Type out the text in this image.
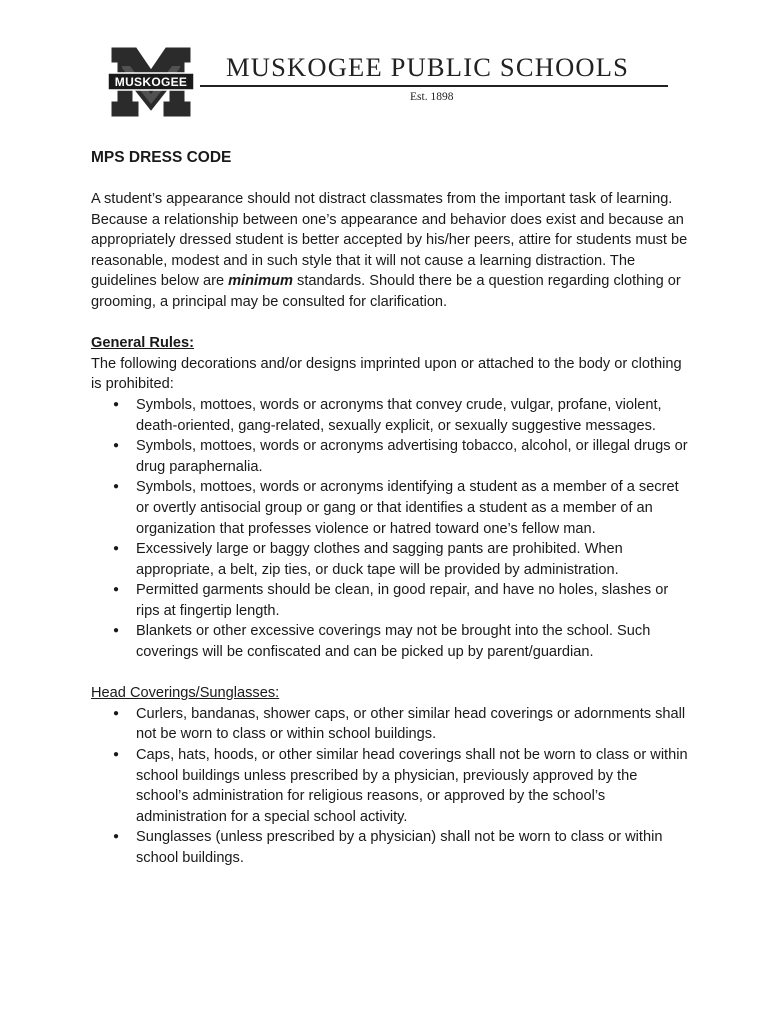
MUSKOGEE MUSKOGEE PUBLIC SCHOOLS
Est. 1898
MPS DRESS CODE

A student’s appearance should not distract classmates from the important task of learning. Because a relationship between one’s appearance and behavior does exist and because an appropriately dressed student is better accepted by his/her peers, attire for students must be reasonable, modest and in such style that it will not cause a learning distraction. The guidelines below are minimum standards. Should there be a question regarding clothing or grooming, a principal may be consulted for clarification.

General Rules:

The following decorations and/or designs imprinted upon or attached to the body or clothing is prohibited:

● Symbols, mottoes, words or acronyms that convey crude, vulgar, profane, violent, death-oriented, gang-related, sexually explicit, or sexually suggestive messages.
● Symbols, mottoes, words or acronyms advertising tobacco, alcohol, or illegal drugs or drug paraphernalia.
● Symbols, mottoes, words or acronyms identifying a student as a member of a secret or overtly antisocial group or gang or that identifies a student as a member of an organization that professes violence or hatred toward one’s fellow man.
● Excessively large or baggy clothes and sagging pants are prohibited. When appropriate, a belt, zip ties, or duck tape will be provided by administration.
● Permitted garments should be clean, in good repair, and have no holes, slashes or rips at fingertip length.
● Blankets or other excessive coverings may not be brought into the school. Such coverings will be confiscated and can be picked up by parent/guardian.

Head Coverings/Sunglasses:

● Curlers, bandanas, shower caps, or other similar head coverings or adornments shall not be worn to class or within school buildings.
● Caps, hats, hoods, or other similar head coverings shall not be worn to class or within school buildings unless prescribed by a physician, previously approved by the school’s administration for religious reasons, or approved by the school’s administration for a special school activity.
● Sunglasses (unless prescribed by a physician) shall not be worn to class or within school buildings.
